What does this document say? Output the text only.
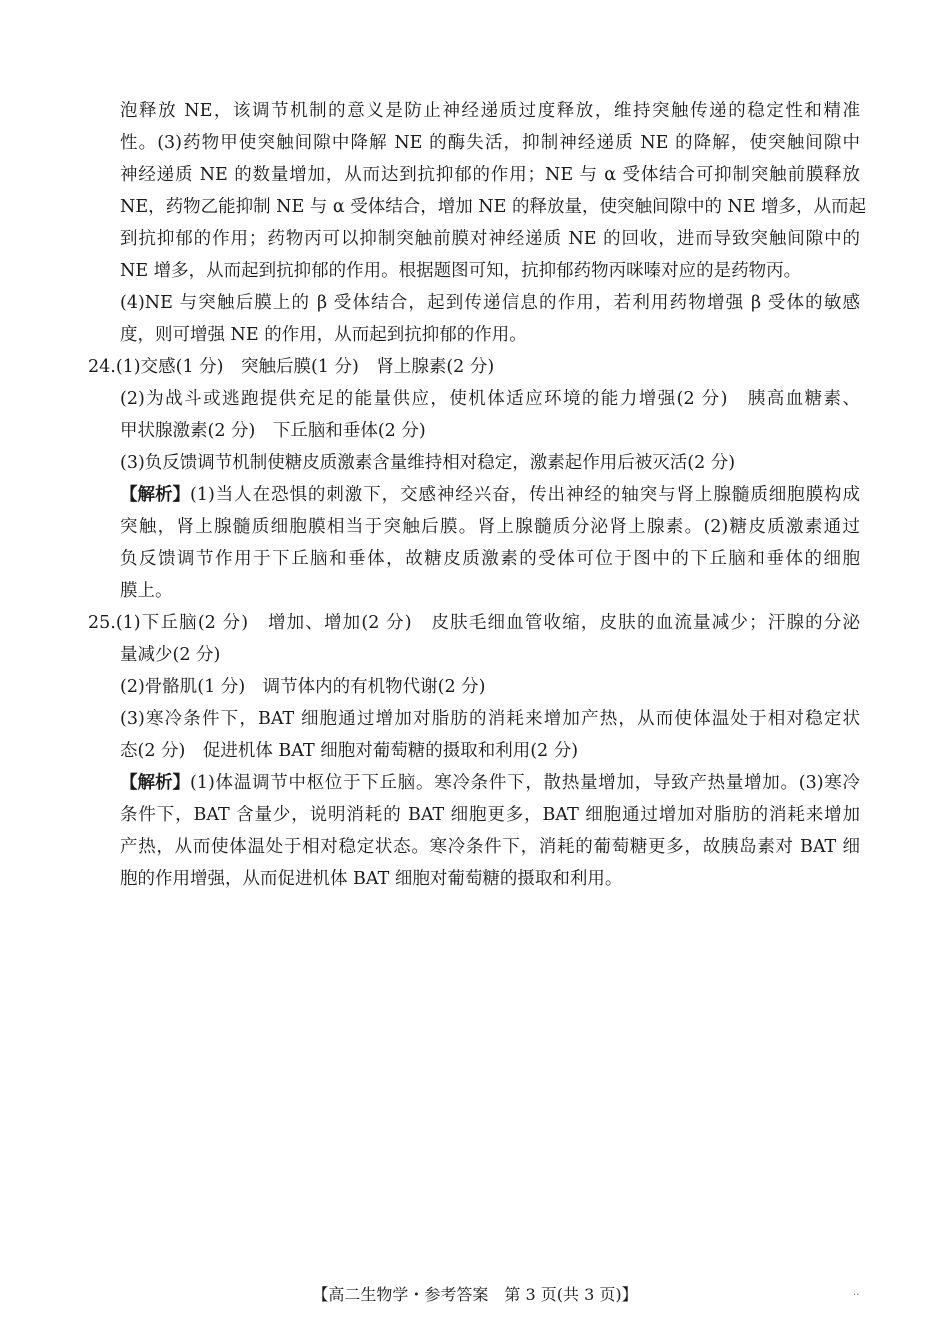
泡释放 NE，该调节机制的意义是防止神经递质过度释放，维持突触传递的稳定性和精准
性。(3)药物甲使突触间隙中降解 NE 的酶失活，抑制神经递质 NE 的降解，使突触间隙中
神经递质 NE 的数量增加，从而达到抗抑郁的作用；NE 与 α 受体结合可抑制突触前膜释放
NE，药物乙能抑制 NE 与 α 受体结合，增加 NE 的释放量，使突触间隙中的 NE 增多，从而起
到抗抑郁的作用；药物丙可以抑制突触前膜对神经递质 NE 的回收，进而导致突触间隙中的
NE 增多，从而起到抗抑郁的作用。根据题图可知，抗抑郁药物丙咪嗪对应的是药物丙。
(4)NE 与突触后膜上的 β 受体结合，起到传递信息的作用，若利用药物增强 β 受体的敏感
度，则可增强 NE 的作用，从而起到抗抑郁的作用。
24.(1)交感(1 分)　突触后膜(1 分)　肾上腺素(2 分)
(2)为战斗或逃跑提供充足的能量供应，使机体适应环境的能力增强(2 分)　胰高血糖素、
甲状腺激素(2 分)　下丘脑和垂体(2 分)
(3)负反馈调节机制使糖皮质激素含量维持相对稳定，激素起作用后被灭活(2 分)
【解析】 (1)当人在恐惧的刺激下，交感神经兴奋，传出神经的轴突与肾上腺髓质细胞膜构成
突触，肾上腺髓质细胞膜相当于突触后膜。肾上腺髓质分泌肾上腺素。(2)糖皮质激素通过
负反馈调节作用于下丘脑和垂体，故糖皮质激素的受体可位于图中的下丘脑和垂体的细胞
膜上。
25.(1)下丘脑(2 分)　增加、增加(2 分)　皮肤毛细血管收缩，皮肤的血流量减少；汗腺的分泌
量减少(2 分)
(2)骨骼肌(1 分)　调节体内的有机物代谢(2 分)
(3)寒冷条件下，BAT 细胞通过增加对脂肪的消耗来增加产热，从而使体温处于相对稳定状
态(2 分)　促进机体 BAT 细胞对葡萄糖的摄取和利用(2 分)
【解析】 (1)体温调节中枢位于下丘脑。寒冷条件下，散热量增加，导致产热量增加。(3)寒冷
条件下，BAT 含量少，说明消耗的 BAT 细胞更多，BAT 细胞通过增加对脂肪的消耗来增加
产热，从而使体温处于相对稳定状态。寒冷条件下，消耗的葡萄糖更多，故胰岛素对 BAT 细
胞的作用增强，从而促进机体 BAT 细胞对葡萄糖的摄取和利用。
【高二生物学・参考答案　第 3 页(共 3 页)】	..
